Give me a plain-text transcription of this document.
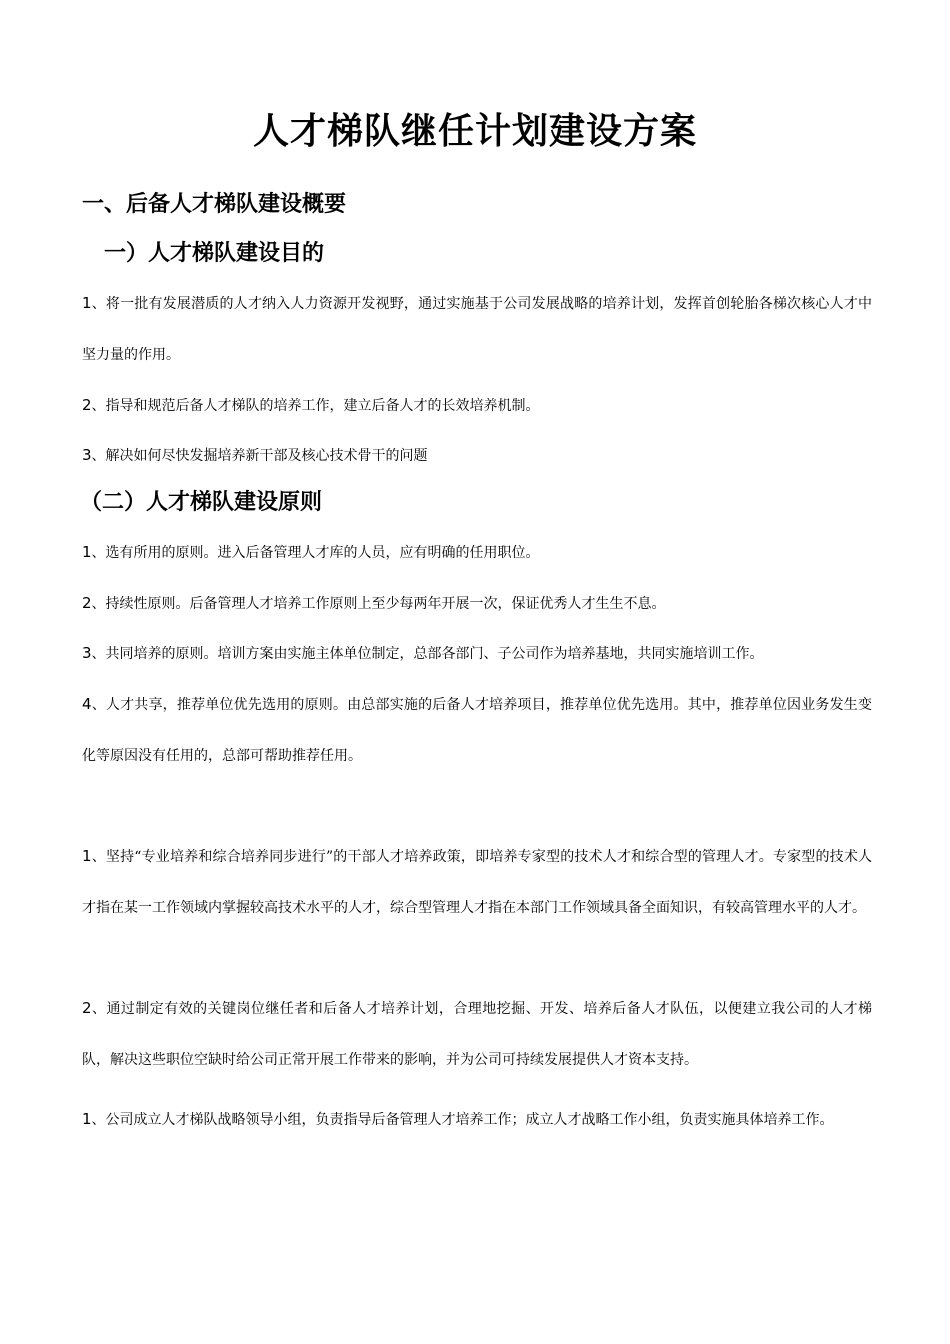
人才梯队继任计划建设方案
一、后备人才梯队建设概要
一）人才梯队建设目的

1、将一批有发展潜质的人才纳入人力资源开发视野，通过实施基于公司发展战略的培养计划，发挥首创轮胎各梯次核心人才中坚力量的作用。

2、指导和规范后备人才梯队的培养工作，建立后备人才的长效培养机制。

3、解决如何尽快发掘培养新干部及核心技术骨干的问题

（二）人才梯队建设原则

1、选有所用的原则。进入后备管理人才库的人员，应有明确的任用职位。

2、持续性原则。后备管理人才培养工作原则上至少每两年开展一次，保证优秀人才生生不息。

3、共同培养的原则。培训方案由实施主体单位制定，总部各部门、子公司作为培养基地，共同实施培训工作。

4、人才共享，推荐单位优先选用的原则。由总部实施的后备人才培养项目，推荐单位优先选用。其中，推荐单位因业务发生变化等原因没有任用的，总部可帮助推荐任用。

1、坚持“专业培养和综合培养同步进行”的干部人才培养政策，即培养专家型的技术人才和综合型的管理人才。专家型的技术人才指在某一工作领域内掌握较高技术水平的人才，综合型管理人才指在本部门工作领域具备全面知识，有较高管理水平的人才。

2、通过制定有效的关键岗位继任者和后备人才培养计划，合理地挖掘、开发、培养后备人才队伍，以便建立我公司的人才梯队，解决这些职位空缺时给公司正常开展工作带来的影响，并为公司可持续发展提供人才资本支持。

1、公司成立人才梯队战略领导小组，负责指导后备管理人才培养工作；成立人才战略工作小组，负责实施具体培养工作。
